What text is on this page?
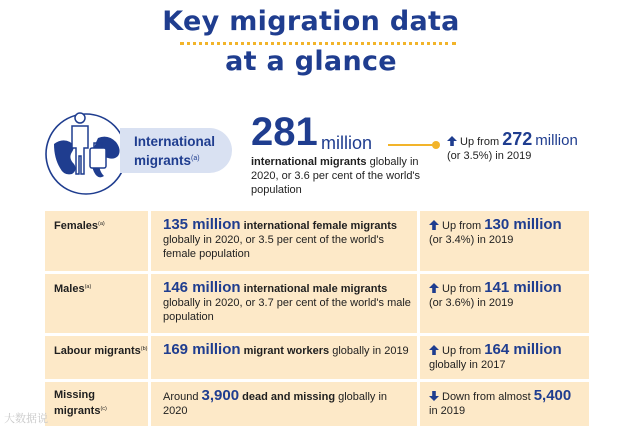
Key migration data
at a glance
International migrants$^{(a)}$
281 million
international migrants globally in 2020, or 3.6 per cent of the world's population
Up from 272 million
(or 3.5%) in 2019
Females$^{(a)}$	135 million international female migrants globally in 2020, or 3.5 per cent of the world's female population	Up from 130 million
(or 3.4%) in 2019
Males$^{(a)}$	146 million international male migrants globally in 2020, or 3.7 per cent of the world's male population	Up from 141 million
(or 3.6%) in 2019
Labour migrants$^{(b)}$	169 million migrant workers globally in 2019	Up from 164 million
globally in 2017
Missing migrants$^{(c)}$	Around 3,900 dead and missing globally in 2020	Down from almost 5,400
in 2019
大数据说
